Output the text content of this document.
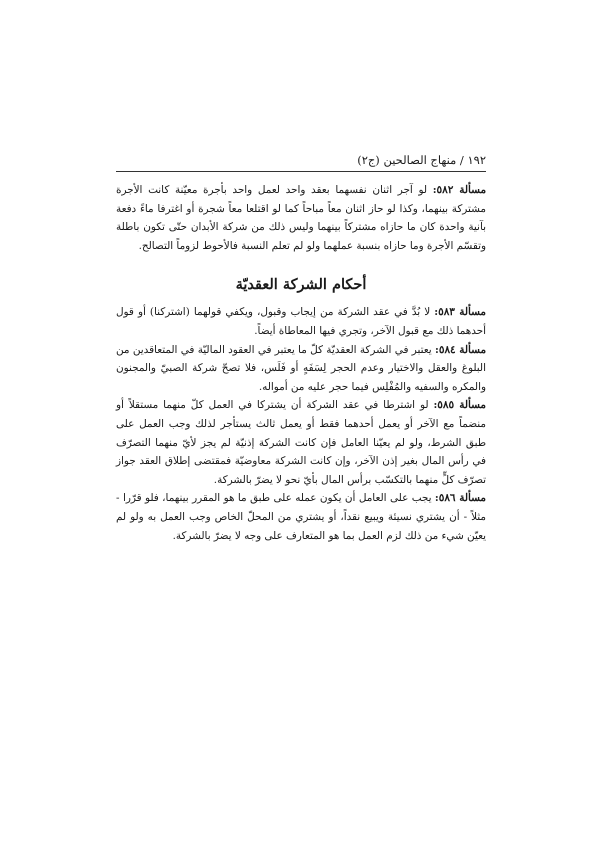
١٩٢ / منهاج الصالحين (ج٢)

مسألة ٥٨٢: لو آجر اثنان نفسهما بعقد واحد لعمل واحد بأجرة معيّنة كانت الأجرة مشتركة بينهما، وكذا لو حاز اثنان معاً مباحاً كما لو اقتلعا معاً شجرة أو اغترفا ماءً دفعة بآنية واحدة كان ما حازاه مشتركاً بينهما وليس ذلك من شركة الأبدان حتّى تكون باطلة وتقسّم الأجرة وما حازاه بنسبة عملهما ولو لم تعلم النسبة فالأحوط لزوماً التصالح.

أحكام الشركة العقديّة

مسألة ٥٨٣: لا بُدَّ في عقد الشركة من إيجاب وقبول، ويكفي قولهما (اشتركنا) أو قول أحدهما ذلك مع قبول الآخر، وتجري فيها المعاطاة أيضاً.

مسألة ٥٨٤: يعتبر في الشركة العقديّة كلّ ما يعتبر في العقود الماليّة في المتعاقدين من البلوغ والعقل والاختيار وعدم الحجر لِسَفَهٍ أو فَلَس، فلا تصحّ شركة الصبيّ والمجنون والمكره والسفيه والمُفْلِس فيما حجر عليه من أمواله.

مسألة ٥٨٥: لو اشترطا في عقد الشركة أن يشتركا في العمل كلّ منهما مستقلاً أو منضماً مع الآخر أو يعمل أحدهما فقط أو يعمل ثالث يستأجر لذلك وجب العمل على طبق الشرط، ولو لم يعيّنا العامل فإن كانت الشركة إذنيّة لم يجز لأيّ منهما التصرّف في رأس المال بغير إذن الآخر، وإن كانت الشركة معاوضيّة فمقتضى إطلاق العقد جواز تصرّف كلٍّ منهما بالتكسّب برأس المال بأيّ نحو لا يضرّ بالشركة.

مسألة ٥٨٦: يجب على العامل أن يكون عمله على طبق ما هو المقرر بينهما، فلو قرّرا - مثلاً - أن يشتري نسيئة ويبيع نقداً، أو يشتري من المحلّ الخاص وجب العمل به ولو لم يعيّن شيء من ذلك لزم العمل بما هو المتعارف على وجه لا يضرّ بالشركة.
